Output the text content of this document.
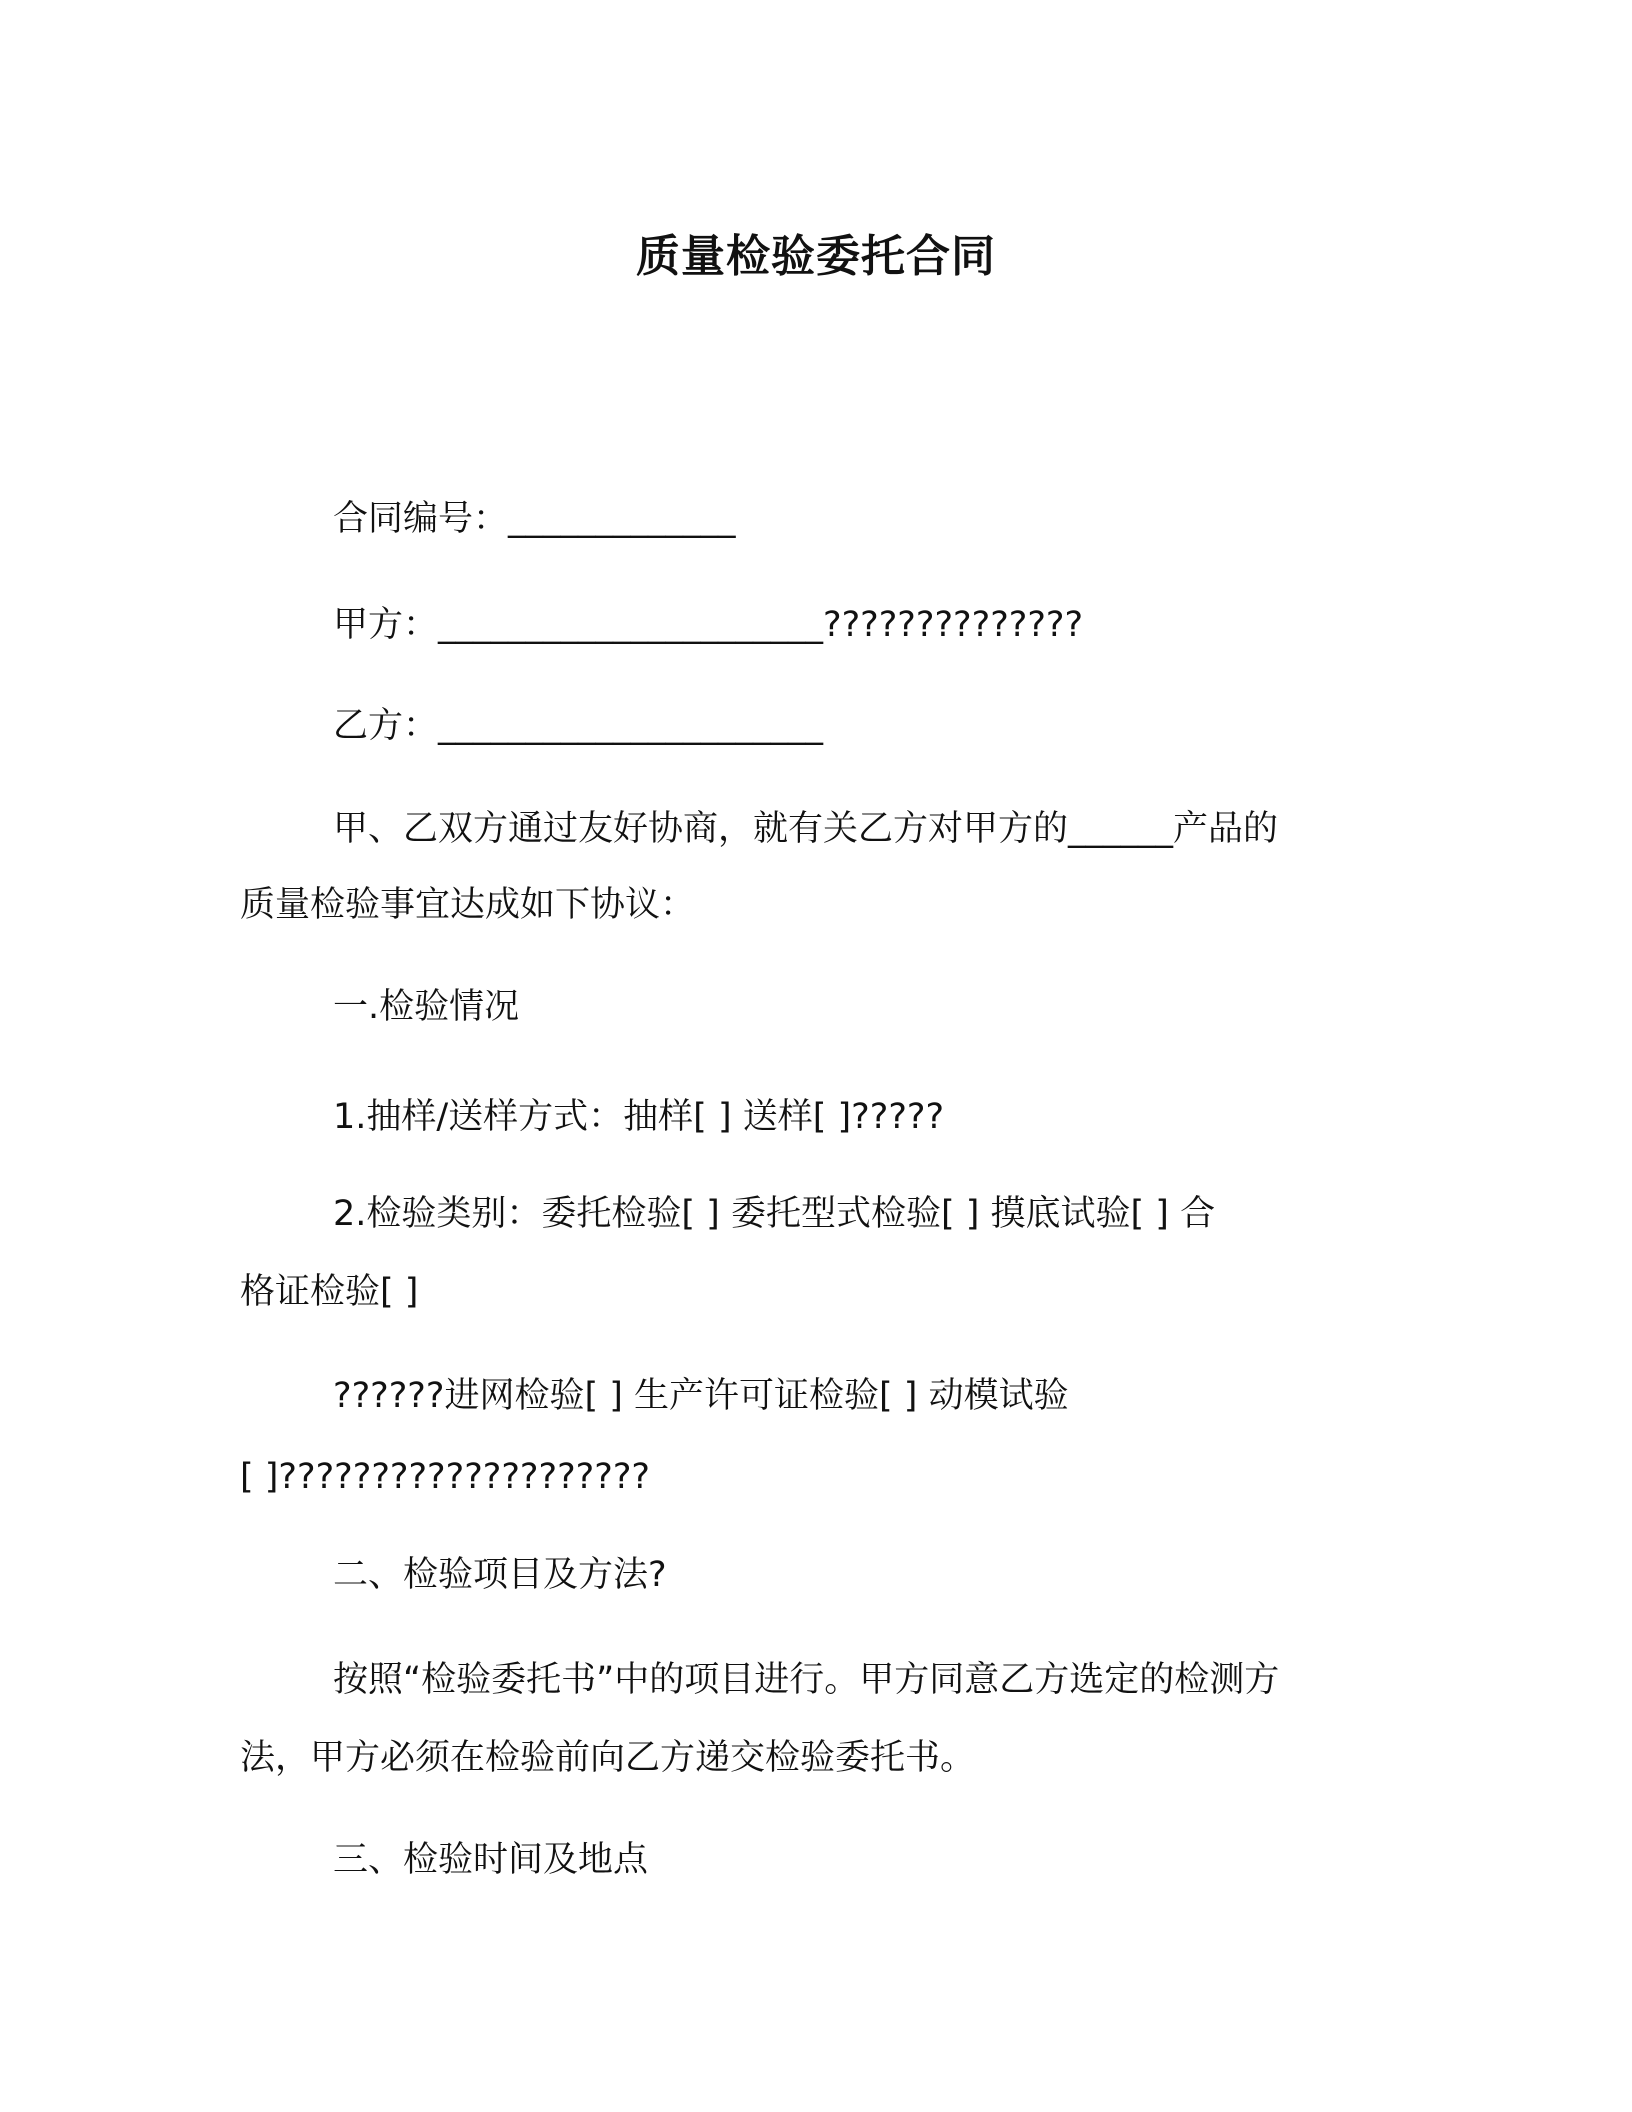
质量检验委托合同
合同编号：_____________
甲方：______________________??????????????
乙方：______________________
甲、乙双方通过友好协商，就有关乙方对甲方的______产品的
质量检验事宜达成如下协议：
一.检验情况
1.抽样/送样方式：抽样[ ] 送样[ ]?????
2.检验类别：委托检验[ ] 委托型式检验[ ] 摸底试验[ ] 合
格证检验[ ]
??????进网检验[ ] 生产许可证检验[ ] 动模试验
[ ]????????????????????
二、检验项目及方法?
按照“检验委托书”中的项目进行。甲方同意乙方选定的检测方
法，甲方必须在检验前向乙方递交检验委托书。
三、检验时间及地点
